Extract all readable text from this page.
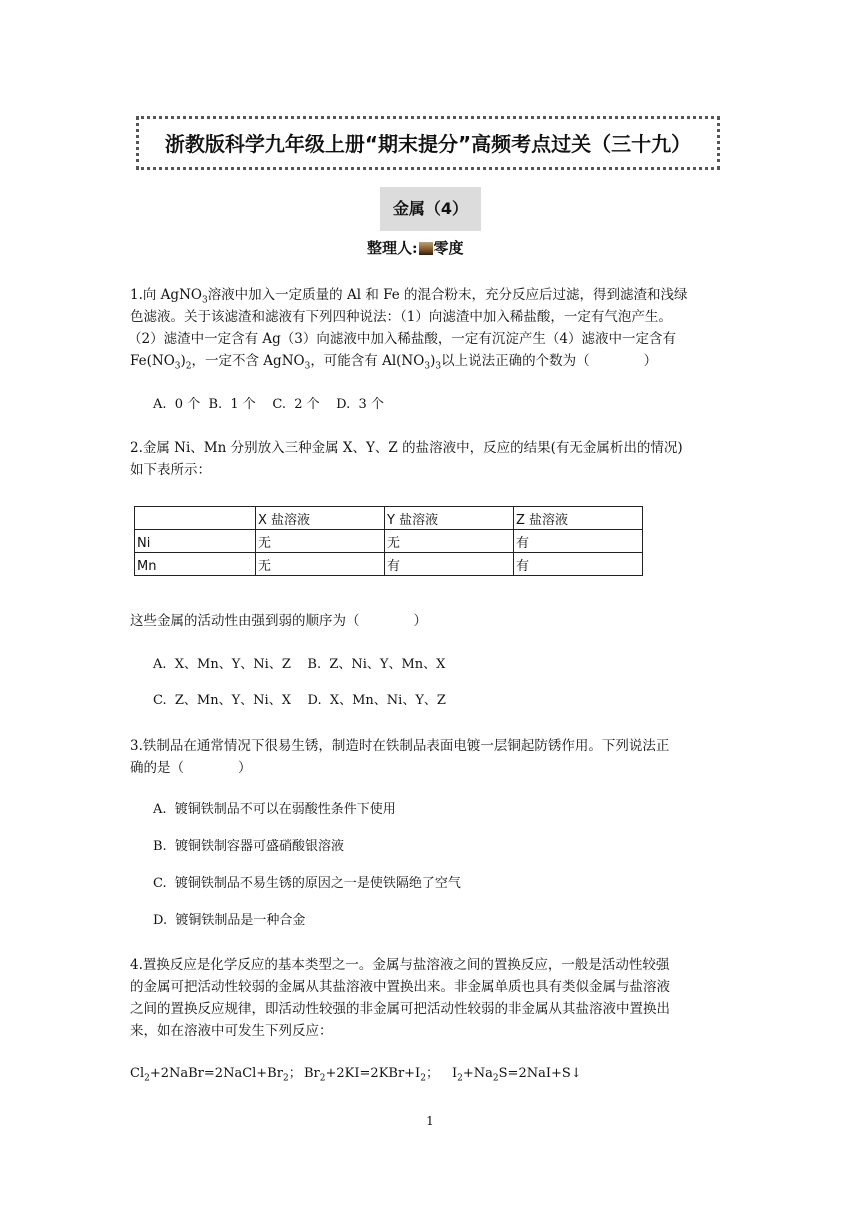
浙教版科学九年级上册“期末提分”高频考点过关（三十九）
金属（4）
整理人: 零度
1.向 AgNO$_3$溶液中加入一定质量的 Al 和 Fe 的混合粉末，充分反应后过滤，得到滤渣和浅绿
色滤液。关于该滤渣和滤液有下列四种说法：（1）向滤渣中加入稀盐酸，一定有气泡产生。
（2）滤渣中一定含有 Ag（3）向滤液中加入稀盐酸，一定有沉淀产生（4）滤液中一定含有
$Fe(NO_3)_2$，一定不含 AgNO$_3$，可能含有 $Al(NO_3)_3$以上说法正确的个数为（　　　　）
A.  0 个  B.  1 个    C.  2 个    D.  3 个
2.金属 Ni、Mn 分别放入三种金属 X、Y、Z 的盐溶液中，反应的结果(有无金属析出的情况)
如下表所示：
	X 盐溶液	Y 盐溶液	Z 盐溶液
Ni	无	无	有
Mn	无	有	有
这些金属的活动性由强到弱的顺序为（　　　　）
A.  X、Mn、Y、Ni、Z    B.  Z、Ni、Y、Mn、X
C.  Z、Mn、Y、Ni、X    D.  X、Mn、Ni、Y、Z
3.铁制品在通常情况下很易生锈，制造时在铁制品表面电镀一层铜起防锈作用。下列说法正
确的是（　　　　）
A.  镀铜铁制品不可以在弱酸性条件下使用
B.  镀铜铁制容器可盛硝酸银溶液
C.  镀铜铁制品不易生锈的原因之一是使铁隔绝了空气
D.  镀铜铁制品是一种合金
4.置换反应是化学反应的基本类型之一。金属与盐溶液之间的置换反应，一般是活动性较强
的金属可把活动性较弱的金属从其盐溶液中置换出来。非金属单质也具有类似金属与盐溶液
之间的置换反应规律，即活动性较强的非金属可把活动性较弱的非金属从其盐溶液中置换出
来，如在溶液中可发生下列反应：
$Cl_2+2NaBr=2NaCl+Br_2$； $Br_2+2KI=2KBr+I_2$； $I_2+Na_2S=2NaI+S↓$
1
